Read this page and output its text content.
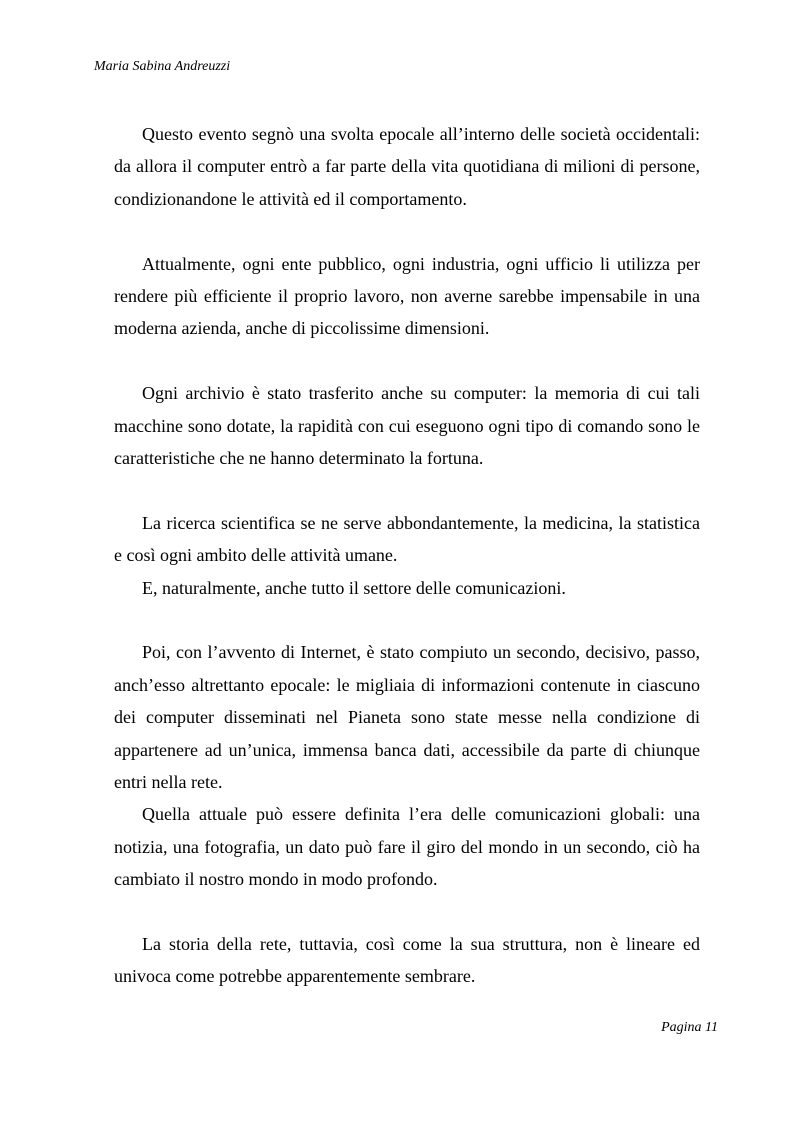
Maria Sabina Andreuzzi

Questo evento segnò una svolta epocale all’interno delle società occidentali: da allora il computer entrò a far parte della vita quotidiana di milioni di persone, condizionandone le attività ed il comportamento.

Attualmente, ogni ente pubblico, ogni industria, ogni ufficio li utilizza per rendere più efficiente il proprio lavoro, non averne sarebbe impensabile in una moderna azienda, anche di piccolissime dimensioni.

Ogni archivio è stato trasferito anche su computer: la memoria di cui tali macchine sono dotate, la rapidità con cui eseguono ogni tipo di comando sono le caratteristiche che ne hanno determinato la fortuna.

La ricerca scientifica se ne serve abbondantemente, la medicina, la statistica e così ogni ambito delle attività umane.

E, naturalmente, anche tutto il settore delle comunicazioni.

Poi, con l’avvento di Internet, è stato compiuto un secondo, decisivo, passo, anch’esso altrettanto epocale: le migliaia di informazioni contenute in ciascuno dei computer disseminati nel Pianeta sono state messe nella condizione di appartenere ad un’unica, immensa banca dati, accessibile da parte di chiunque entri nella rete.

Quella attuale può essere definita l’era delle comunicazioni globali: una notizia, una fotografia, un dato può fare il giro del mondo in un secondo, ciò ha cambiato il nostro mondo in modo profondo.

La storia della rete, tuttavia, così come la sua struttura, non è lineare ed univoca come potrebbe apparentemente sembrare.

Pagina 11
